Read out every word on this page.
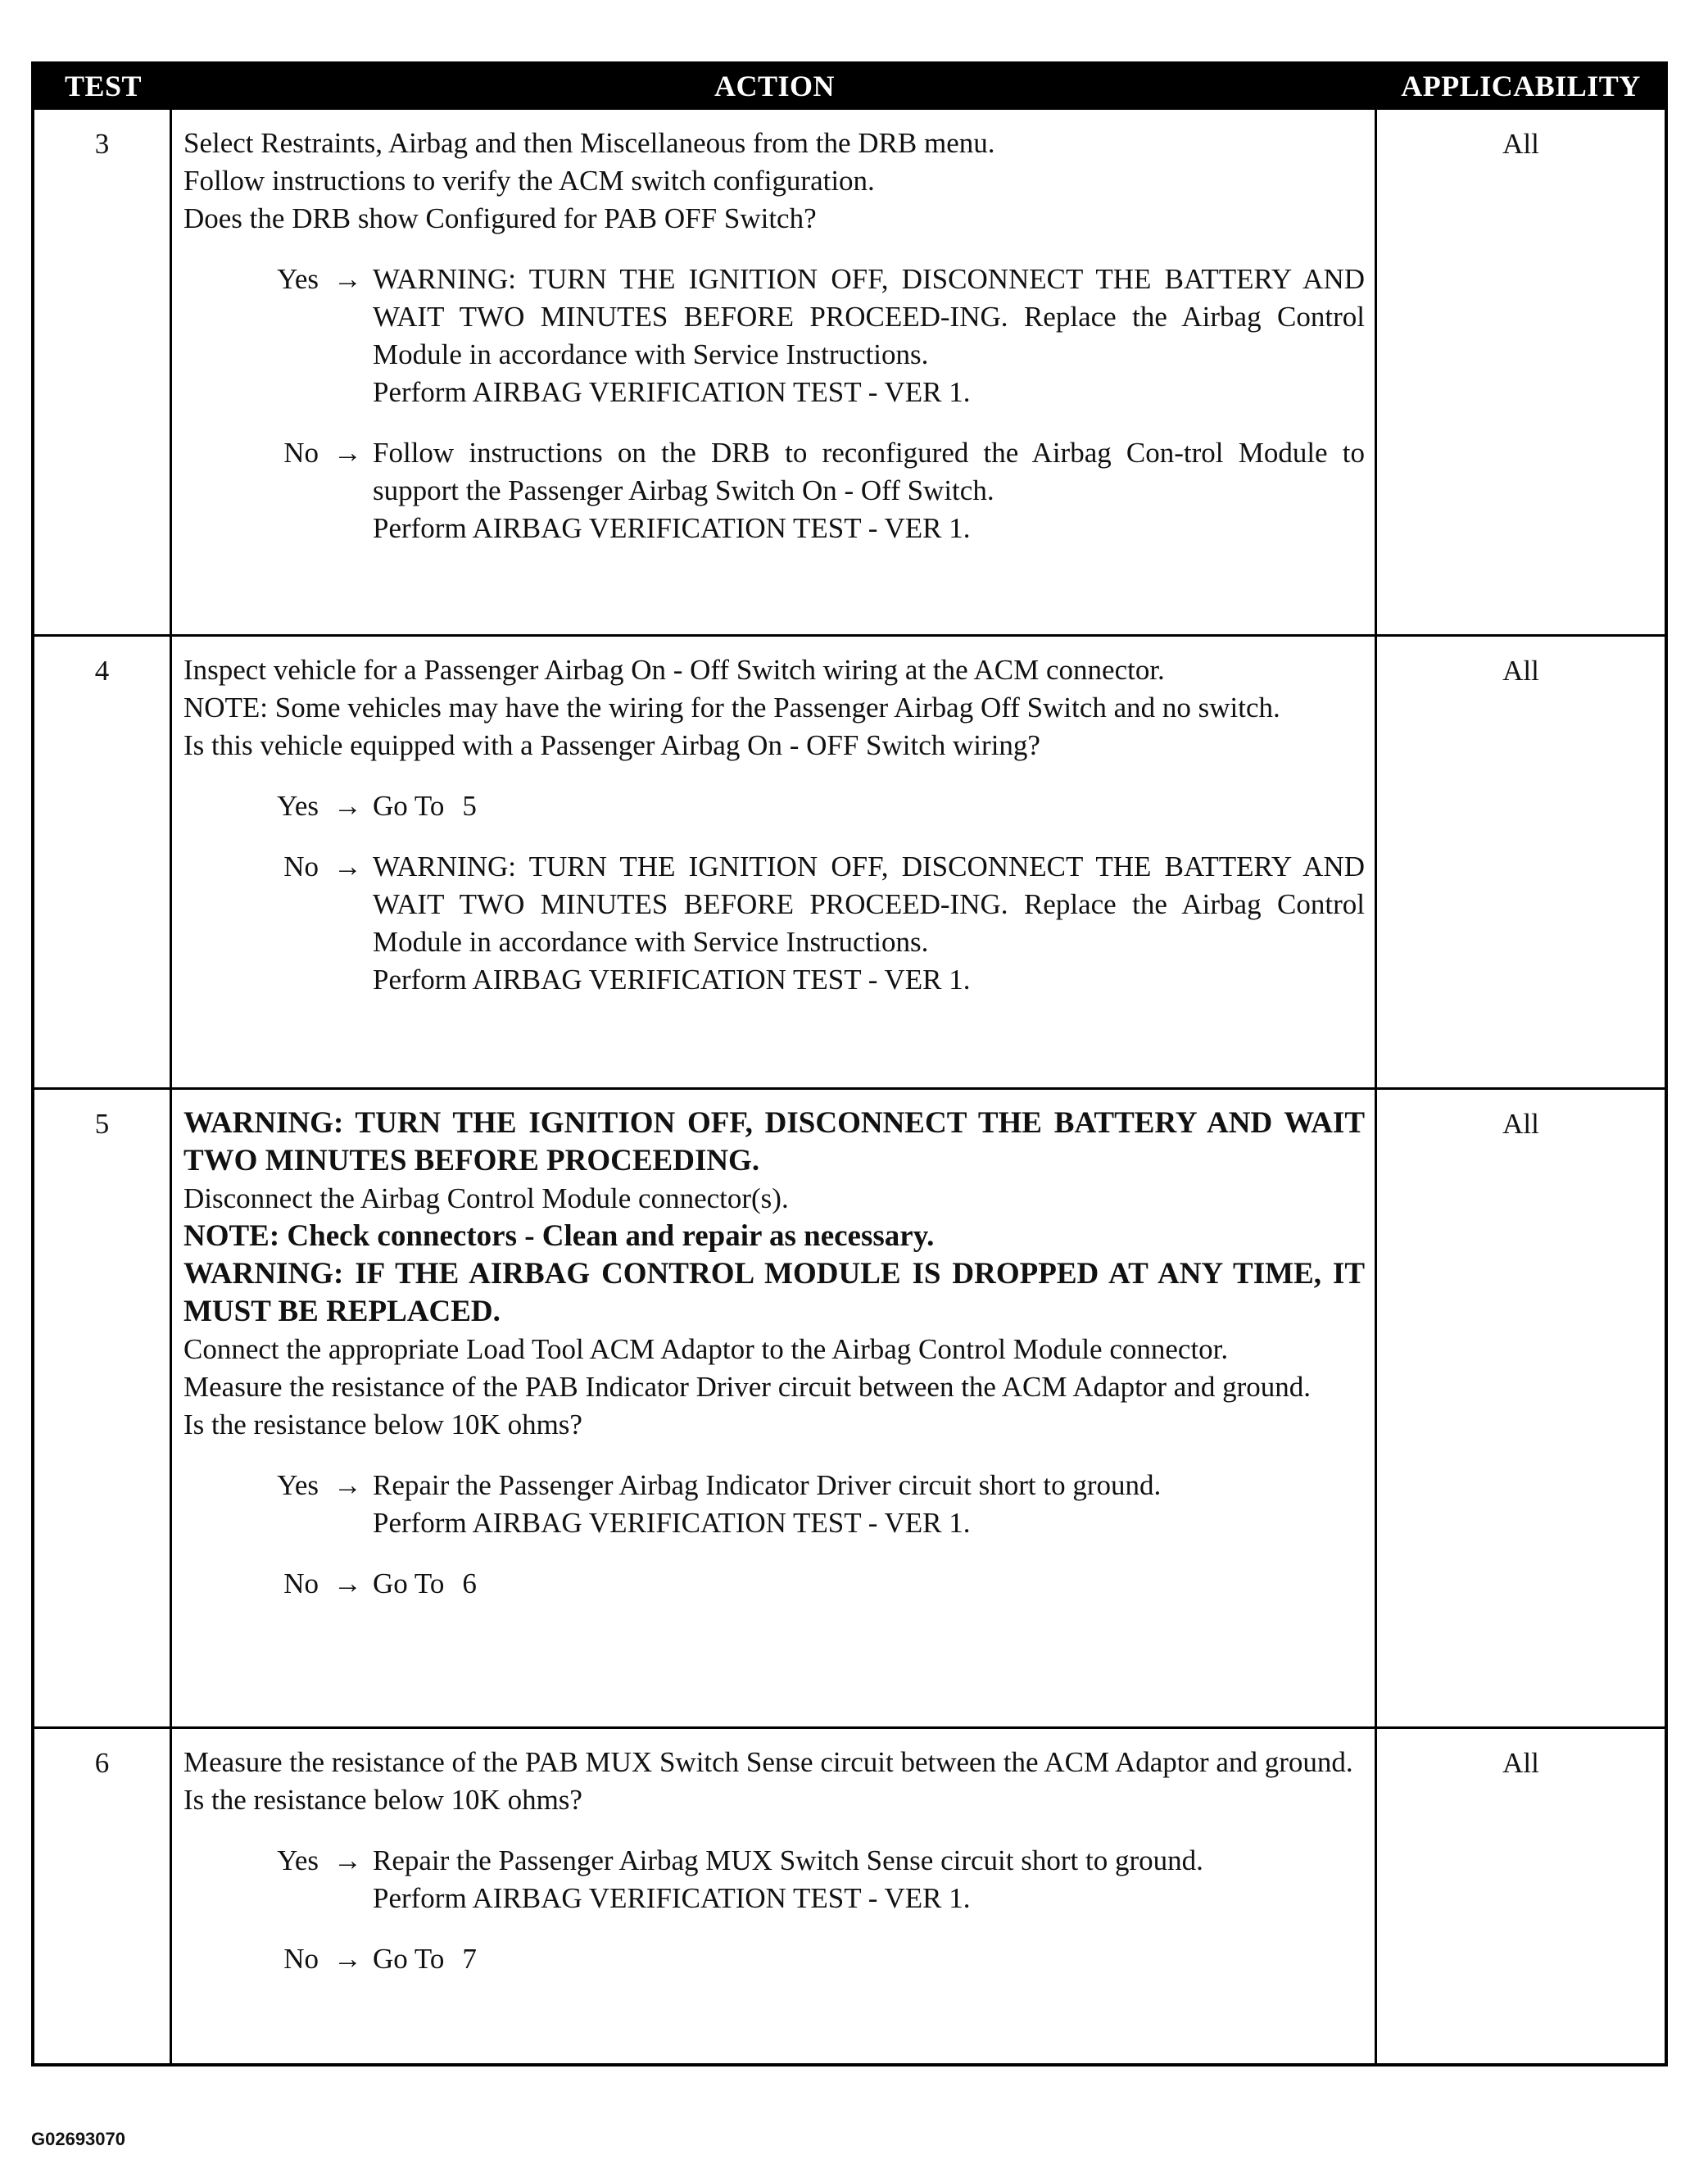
TEST	ACTION	APPLICABILITY
3	Select Restraints, Airbag and then Miscellaneous from the DRB menu.

Follow instructions to verify the ACM switch configuration.

Does the DRB show Configured for PAB OFF Switch?

Yes → WARNING: TURN THE IGNITION OFF, DISCONNECT THE BATTERY AND WAIT TWO MINUTES BEFORE PROCEED-ING. Replace the Airbag Control Module in accordance with Service Instructions.

Perform AIRBAG VERIFICATION TEST - VER 1.

No → Follow instructions on the DRB to reconfigured the Airbag Con-trol Module to support the Passenger Airbag Switch On - Off Switch.

Perform AIRBAG VERIFICATION TEST - VER 1.

All
4	Inspect vehicle for a Passenger Airbag On - Off Switch wiring at the ACM connector.

NOTE: Some vehicles may have the wiring for the Passenger Airbag Off Switch and no switch.

Is this vehicle equipped with a Passenger Airbag On - OFF Switch wiring?

Yes → Go To 5
No → WARNING: TURN THE IGNITION OFF, DISCONNECT THE BATTERY AND WAIT TWO MINUTES BEFORE PROCEED-ING. Replace the Airbag Control Module in accordance with Service Instructions.

Perform AIRBAG VERIFICATION TEST - VER 1.

All
5	WARNING: TURN THE IGNITION OFF, DISCONNECT THE BATTERY AND WAIT TWO MINUTES BEFORE PROCEEDING.

Disconnect the Airbag Control Module connector(s).

NOTE: Check connectors - Clean and repair as necessary.

WARNING: IF THE AIRBAG CONTROL MODULE IS DROPPED AT ANY TIME, IT MUST BE REPLACED.

Connect the appropriate Load Tool ACM Adaptor to the Airbag Control Module connector.

Measure the resistance of the PAB Indicator Driver circuit between the ACM Adaptor and ground.

Is the resistance below 10K ohms?

Yes → Repair the Passenger Airbag Indicator Driver circuit short to ground.

Perform AIRBAG VERIFICATION TEST - VER 1.

No → Go To 6
All
6	Measure the resistance of the PAB MUX Switch Sense circuit between the ACM Adaptor and ground.

Is the resistance below 10K ohms?

Yes → Repair the Passenger Airbag MUX Switch Sense circuit short to ground.

Perform AIRBAG VERIFICATION TEST - VER 1.

No → Go To 7
All
G02693070
